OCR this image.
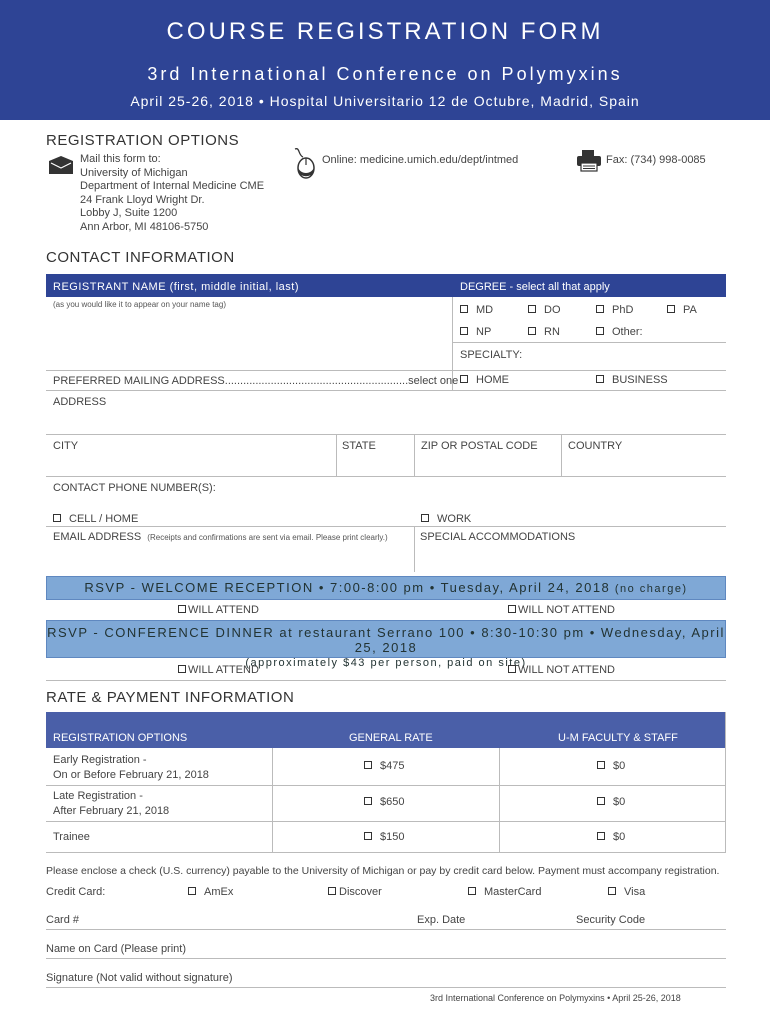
COURSE REGISTRATION FORM
3rd International Conference on Polymyxins
April 25-26, 2018 • Hospital Universitario 12 de Octubre, Madrid, Spain
REGISTRATION OPTIONS
Mail this form to:
University of Michigan
Department of Internal Medicine CME
24 Frank Lloyd Wright Dr.
Lobby J, Suite 1200
Ann Arbor, MI 48106-5750
Online: medicine.umich.edu/dept/intmed	Fax: (734) 998-0085
CONTACT INFORMATION
REGISTRANT NAME (first, middle initial, last)	DEGREE - select all that apply
(as you would like it to appear on your name tag)	MD	DO	PhD	PA
NP	RN	Other:
SPECIALTY:
PREFERRED MAILING ADDRESS............................................................select one	HOME	BUSINESS
ADDRESS
CITY	STATE	ZIP OR POSTAL CODE	COUNTRY
CONTACT PHONE NUMBER(S):
CELL / HOME	WORK
EMAIL ADDRESS (Receipts and confirmations are sent via email. Please print clearly.)	SPECIAL ACCOMMODATIONS
RSVP - WELCOME RECEPTION • 7:00-8:00 pm • Tuesday, April 24, 2018 (no charge)
WILL ATTEND	WILL NOT ATTEND
RSVP - CONFERENCE DINNER at restaurant Serrano 100 • 8:30-10:30 pm • Wednesday, April 25, 2018
(approximately $43 per person, paid on site)
WILL ATTEND	WILL NOT ATTEND
RATE & PAYMENT INFORMATION
REGISTRATION OPTIONS	GENERAL RATE	U-M FACULTY & STAFF
Early Registration -
On or Before February 21, 2018
$475	$0
Late Registration -
After February 21, 2018
$650	$0
Trainee	$150	$0
Please enclose a check (U.S. currency) payable to the University of Michigan or pay by credit card below. Payment must accompany registration.
Credit Card:	AmEx	Discover	MasterCard	Visa
Card #	Exp. Date	Security Code
Name on Card (Please print)
Signature (Not valid without signature)
3rd International Conference on Polymyxins • April 25-26, 2018
